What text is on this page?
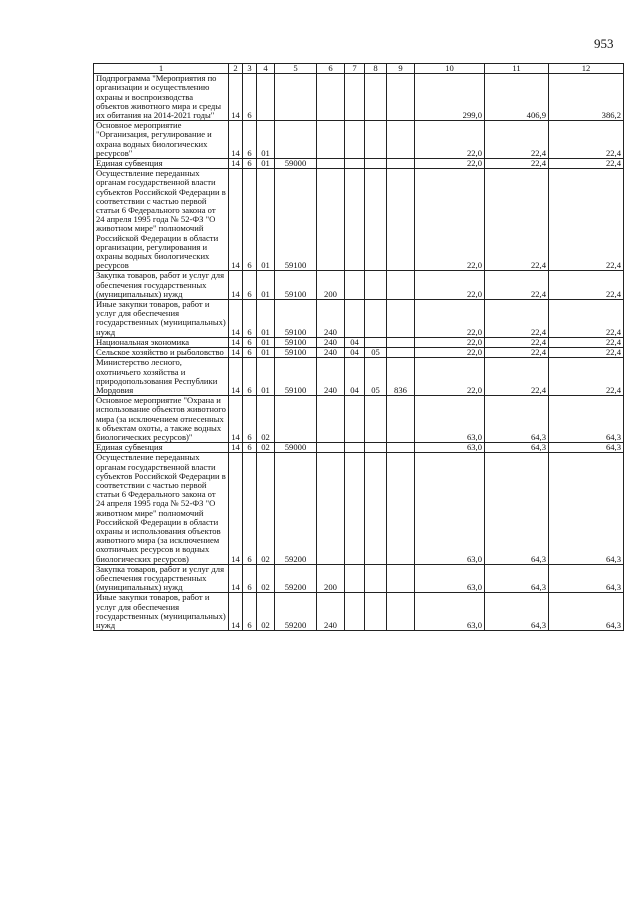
953
1	2	3	4	5	6	7	8	9	10	11	12
Подпрограмма "Мероприятия по организации и осуществлению охраны и воспроизводства объектов животного мира и среды их обитания на 2014-2021 годы"	14	6							299,0	406,9	386,2
Основное мероприятие "Организация, регулирование и охрана водных биологических ресурсов"	14	6	01						22,0	22,4	22,4
Единая субвенция	14	6	01	59000					22,0	22,4	22,4
Осуществление переданных органам государственной власти субъектов Российской Федерации в соответствии с частью первой статьи 6 Федерального закона от 24 апреля 1995 года № 52-ФЗ "О животном мире" полномочий Российской Федерации в области организации, регулирования и охраны водных биологических ресурсов	14	6	01	59100					22,0	22,4	22,4
Закупка товаров, работ и услуг для обеспечения государственных (муниципальных) нужд	14	6	01	59100	200				22,0	22,4	22,4
Иные закупки товаров, работ и услуг для обеспечения государственных (муниципальных) нужд	14	6	01	59100	240				22,0	22,4	22,4
Национальная экономика	14	6	01	59100	240	04			22,0	22,4	22,4
Сельское хозяйство и рыболовство	14	6	01	59100	240	04	05		22,0	22,4	22,4
Министерство лесного, охотничьего хозяйства и природопользования Республики Мордовия	14	6	01	59100	240	04	05	836	22,0	22,4	22,4
Основное мероприятие "Охрана и использование объектов животного мира (за исключением отнесенных к объектам охоты, а также водных биологических ресурсов)"	14	6	02						63,0	64,3	64,3
Единая субвенция	14	6	02	59000					63,0	64,3	64,3
Осуществление переданных органам государственной власти субъектов Российской Федерации в соответствии с частью первой статьи 6 Федерального закона от 24 апреля 1995 года № 52-ФЗ "О животном мире" полномочий Российской Федерации в области охраны и использования объектов животного мира (за исключением охотничьих ресурсов и водных биологических ресурсов)	14	6	02	59200					63,0	64,3	64,3
Закупка товаров, работ и услуг для обеспечения государственных (муниципальных) нужд	14	6	02	59200	200				63,0	64,3	64,3
Иные закупки товаров, работ и услуг для обеспечения государственных (муниципальных) нужд	14	6	02	59200	240				63,0	64,3	64,3
